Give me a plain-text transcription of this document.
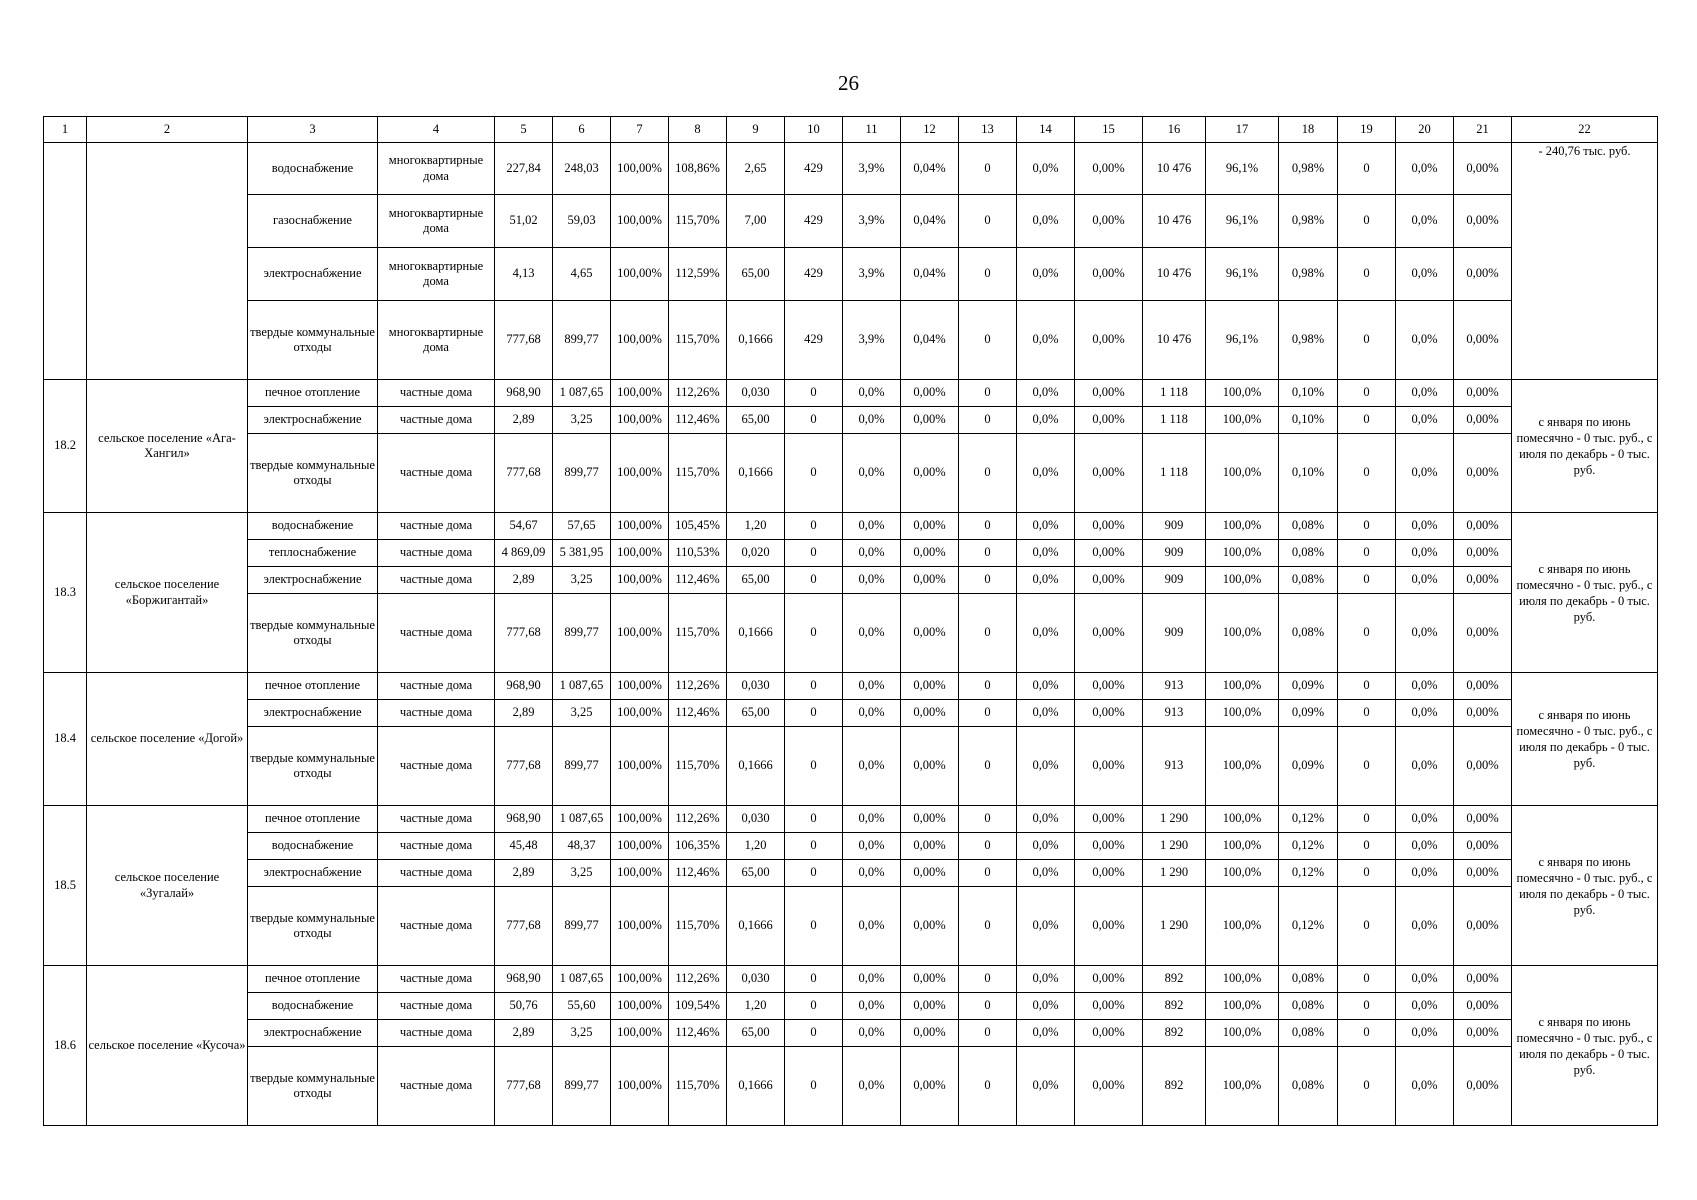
26
1	2	3	4	5	6	7	8	9	10	11	12	13	14	15	16	17	18	19	20	21	22
		водоснабжение	многоквартирные дома	227,84	248,03	100,00%	108,86%	2,65	429	3,9%	0,04%	0	0,0%	0,00%	10 476	96,1%	0,98%	0	0,0%	0,00%	- 240,76 тыс. руб.
		газоснабжение	многоквартирные дома	51,02	59,03	100,00%	115,70%	7,00	429	3,9%	0,04%	0	0,0%	0,00%	10 476	96,1%	0,98%	0	0,0%	0,00%	
		электроснабжение	многоквартирные дома	4,13	4,65	100,00%	112,59%	65,00	429	3,9%	0,04%	0	0,0%	0,00%	10 476	96,1%	0,98%	0	0,0%	0,00%	
		твердые коммунальные отходы	многоквартирные дома	777,68	899,77	100,00%	115,70%	0,1666	429	3,9%	0,04%	0	0,0%	0,00%	10 476	96,1%	0,98%	0	0,0%	0,00%	
18.2	сельское поселение «Ага-Хангил»	печное отопление	частные дома	968,90	1 087,65	100,00%	112,26%	0,030	0	0,0%	0,00%	0	0,0%	0,00%	1 118	100,0%	0,10%	0	0,0%	0,00%	с января по июнь помесячно - 0 тыс. руб., с июля по декабрь - 0 тыс. руб.
		электроснабжение	частные дома	2,89	3,25	100,00%	112,46%	65,00	0	0,0%	0,00%	0	0,0%	0,00%	1 118	100,0%	0,10%	0	0,0%	0,00%	
		твердые коммунальные отходы	частные дома	777,68	899,77	100,00%	115,70%	0,1666	0	0,0%	0,00%	0	0,0%	0,00%	1 118	100,0%	0,10%	0	0,0%	0,00%	
18.3	сельское поселение «Боржигантай»	водоснабжение	частные дома	54,67	57,65	100,00%	105,45%	1,20	0	0,0%	0,00%	0	0,0%	0,00%	909	100,0%	0,08%	0	0,0%	0,00%	с января по июнь помесячно - 0 тыс. руб., с июля по декабрь - 0 тыс. руб.
		теплоснабжение	частные дома	4 869,09	5 381,95	100,00%	110,53%	0,020	0	0,0%	0,00%	0	0,0%	0,00%	909	100,0%	0,08%	0	0,0%	0,00%	
		электроснабжение	частные дома	2,89	3,25	100,00%	112,46%	65,00	0	0,0%	0,00%	0	0,0%	0,00%	909	100,0%	0,08%	0	0,0%	0,00%	
		твердые коммунальные отходы	частные дома	777,68	899,77	100,00%	115,70%	0,1666	0	0,0%	0,00%	0	0,0%	0,00%	909	100,0%	0,08%	0	0,0%	0,00%	
18.4	сельское поселение «Догой»	печное отопление	частные дома	968,90	1 087,65	100,00%	112,26%	0,030	0	0,0%	0,00%	0	0,0%	0,00%	913	100,0%	0,09%	0	0,0%	0,00%	с января по июнь помесячно - 0 тыс. руб., с июля по декабрь - 0 тыс. руб.
		электроснабжение	частные дома	2,89	3,25	100,00%	112,46%	65,00	0	0,0%	0,00%	0	0,0%	0,00%	913	100,0%	0,09%	0	0,0%	0,00%	
		твердые коммунальные отходы	частные дома	777,68	899,77	100,00%	115,70%	0,1666	0	0,0%	0,00%	0	0,0%	0,00%	913	100,0%	0,09%	0	0,0%	0,00%	
18.5	сельское поселение «Зугалай»	печное отопление	частные дома	968,90	1 087,65	100,00%	112,26%	0,030	0	0,0%	0,00%	0	0,0%	0,00%	1 290	100,0%	0,12%	0	0,0%	0,00%	с января по июнь помесячно - 0 тыс. руб., с июля по декабрь - 0 тыс. руб.
		водоснабжение	частные дома	45,48	48,37	100,00%	106,35%	1,20	0	0,0%	0,00%	0	0,0%	0,00%	1 290	100,0%	0,12%	0	0,0%	0,00%	
		электроснабжение	частные дома	2,89	3,25	100,00%	112,46%	65,00	0	0,0%	0,00%	0	0,0%	0,00%	1 290	100,0%	0,12%	0	0,0%	0,00%	
		твердые коммунальные отходы	частные дома	777,68	899,77	100,00%	115,70%	0,1666	0	0,0%	0,00%	0	0,0%	0,00%	1 290	100,0%	0,12%	0	0,0%	0,00%	
18.6	сельское поселение «Кусоча»	печное отопление	частные дома	968,90	1 087,65	100,00%	112,26%	0,030	0	0,0%	0,00%	0	0,0%	0,00%	892	100,0%	0,08%	0	0,0%	0,00%	с января по июнь помесячно - 0 тыс. руб., с июля по декабрь - 0 тыс. руб.
		водоснабжение	частные дома	50,76	55,60	100,00%	109,54%	1,20	0	0,0%	0,00%	0	0,0%	0,00%	892	100,0%	0,08%	0	0,0%	0,00%	
		электроснабжение	частные дома	2,89	3,25	100,00%	112,46%	65,00	0	0,0%	0,00%	0	0,0%	0,00%	892	100,0%	0,08%	0	0,0%	0,00%	
		твердые коммунальные отходы	частные дома	777,68	899,77	100,00%	115,70%	0,1666	0	0,0%	0,00%	0	0,0%	0,00%	892	100,0%	0,08%	0	0,0%	0,00%	
